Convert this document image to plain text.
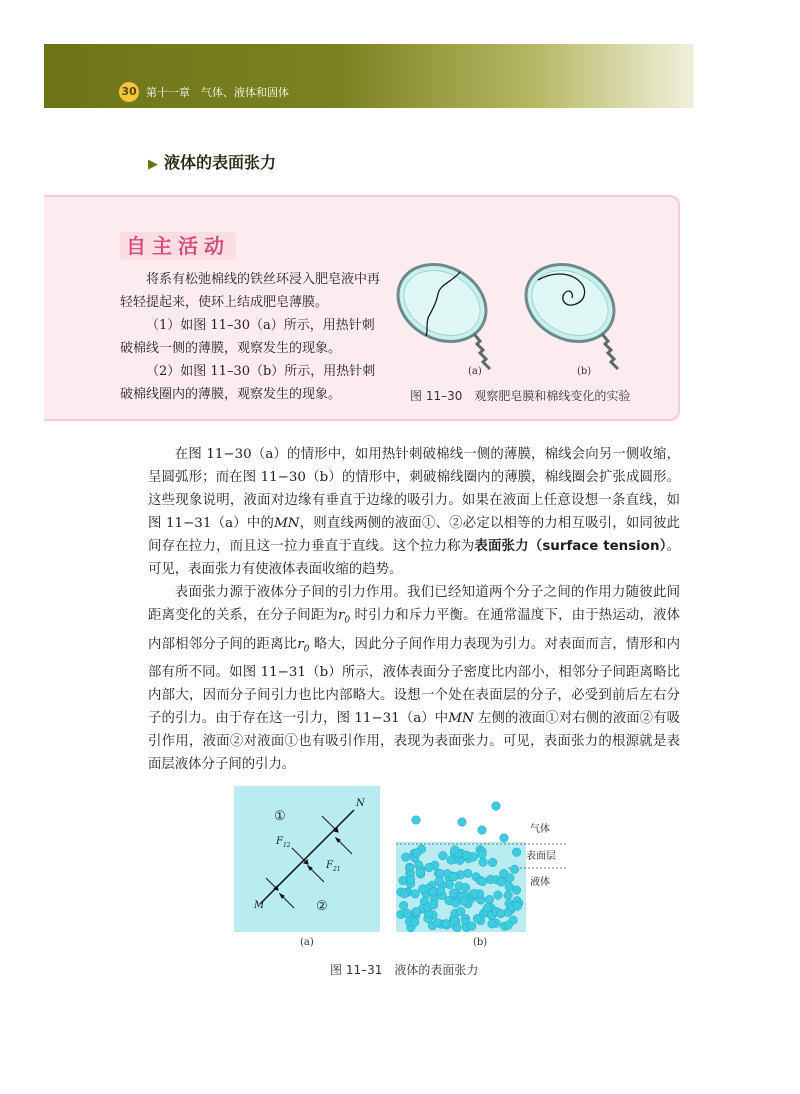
30 第十一章　气体、液体和固体
▶ 液体的表面张力
自主活动

将系有松弛棉线的铁丝环浸入肥皂液中再轻轻提起来，使环上结成肥皂薄膜。

（1）如图 11–30（a）所示，用热针刺破棉线一侧的薄膜，观察发生的现象。

（2）如图 11–30（b）所示，用热针刺破棉线圈内的薄膜，观察发生的现象。

(a)	(b)
图 11–30　观察肥皂膜和棉线变化的实验

在图 11−30（a）的情形中，如用热针刺破棉线一侧的薄膜，棉线会向另一侧收缩，呈圆弧形；而在图 11−30（b）的情形中，刺破棉线圈内的薄膜，棉线圈会扩张成圆形。这些现象说明，液面对边缘有垂直于边缘的吸引力。如果在液面上任意设想一条直线，如图 11−31（a）中的MN，则直线两侧的液面①、②必定以相等的力相互吸引，如同彼此间存在拉力，而且这一拉力垂直于直线。这个拉力称为表面张力（surface tension）。可见，表面张力有使液体表面收缩的趋势。

表面张力源于液体分子间的引力作用。我们已经知道两个分子之间的作用力随彼此间距离变化的关系，在分子间距为$r_0$ 时引力和斥力平衡。在通常温度下，由于热运动，液体内部相邻分子间的距离比$r_0$ 略大，因此分子间作用力表现为引力。对表面而言，情形和内部有所不同。如图 11−31（b）所示，液体表面分子密度比内部小，相邻分子间距离略比内部大，因而分子间引力也比内部略大。设想一个处在表面层的分子，必受到前后左右分子的引力。由于存在这一引力，图 11−31（a）中MN 左侧的液面①对右侧的液面②有吸引作用，液面②对液面①也有吸引作用，表现为表面张力。可见，表面张力的根源就是表面层液体分子间的引力。

①
②
M
N
$F_{12}$
$F_{21}$
气体
表面层
液体
(a)	(b)
图 11–31　液体的表面张力
